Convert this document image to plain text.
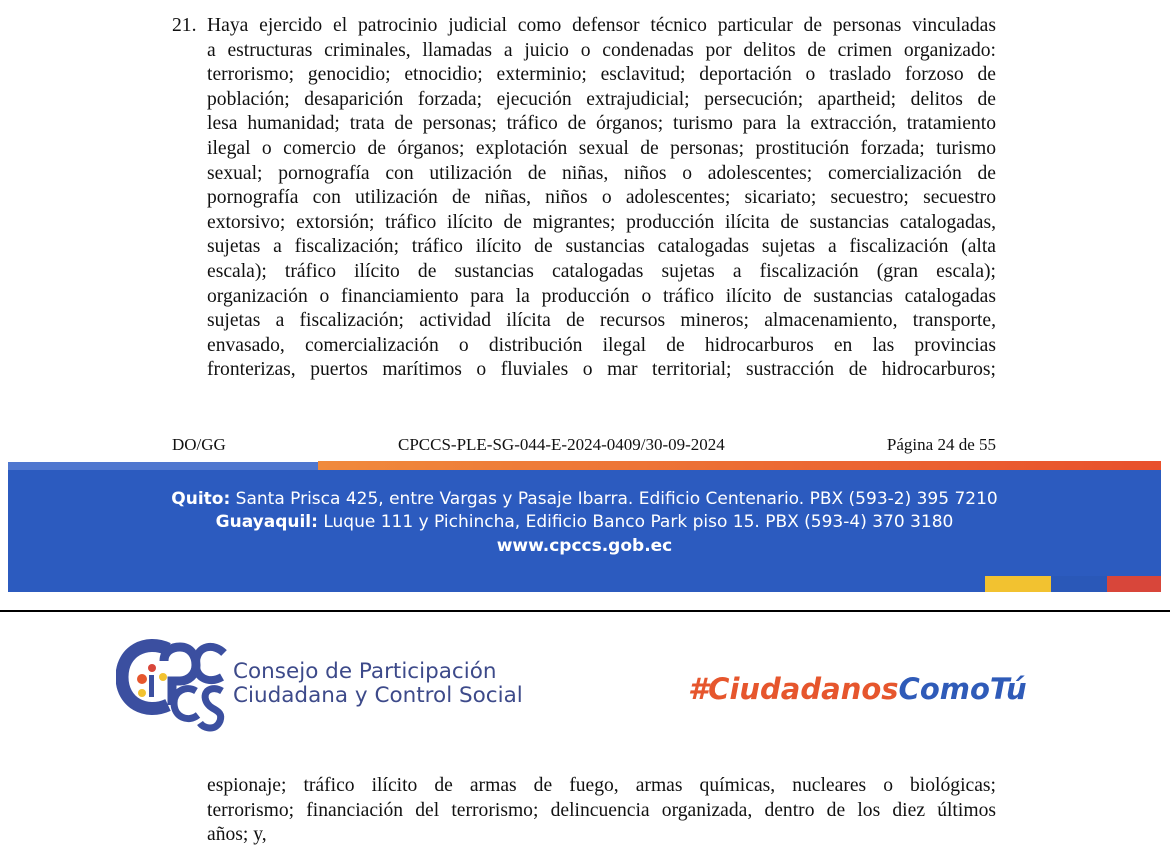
21. Haya ejercido el patrocinio judicial como defensor técnico particular de personas vinculadas
a estructuras criminales, llamadas a juicio o condenadas por delitos de crimen organizado:
terrorismo; genocidio; etnocidio; exterminio; esclavitud; deportación o traslado forzoso de
población; desaparición forzada; ejecución extrajudicial; persecución; apartheid; delitos de
lesa humanidad; trata de personas; tráfico de órganos; turismo para la extracción, tratamiento
ilegal o comercio de órganos; explotación sexual de personas; prostitución forzada; turismo
sexual; pornografía con utilización de niñas, niños o adolescentes; comercialización de
pornografía con utilización de niñas, niños o adolescentes; sicariato; secuestro; secuestro
extorsivo; extorsión; tráfico ilícito de migrantes; producción ilícita de sustancias catalogadas,
sujetas a fiscalización; tráfico ilícito de sustancias catalogadas sujetas a fiscalización (alta
escala); tráfico ilícito de sustancias catalogadas sujetas a fiscalización (gran escala);
organización o financiamiento para la producción o tráfico ilícito de sustancias catalogadas
sujetas a fiscalización; actividad ilícita de recursos mineros; almacenamiento, transporte,
envasado, comercialización o distribución ilegal de hidrocarburos en las provincias
fronterizas, puertos marítimos o fluviales o mar territorial; sustracción de hidrocarburos;
DO/GG	CPCCS-PLE-SG-044-E-2024-0409/30-09-2024	Página 24 de 55
Quito: Santa Prisca 425, entre Vargas y Pasaje Ibarra. Edificio Centenario. PBX (593-2) 395 7210
Guayaquil: Luque 111 y Pichincha, Edificio Banco Park piso 15. PBX (593-4) 370 3180
www.cpccs.gob.ec
Consejo de Participación
Ciudadana y Control Social	#CiudadanosComoTú
espionaje; tráfico ilícito de armas de fuego, armas químicas, nucleares o biológicas;
terrorismo; financiación del terrorismo; delincuencia organizada, dentro de los diez últimos
años; y,
